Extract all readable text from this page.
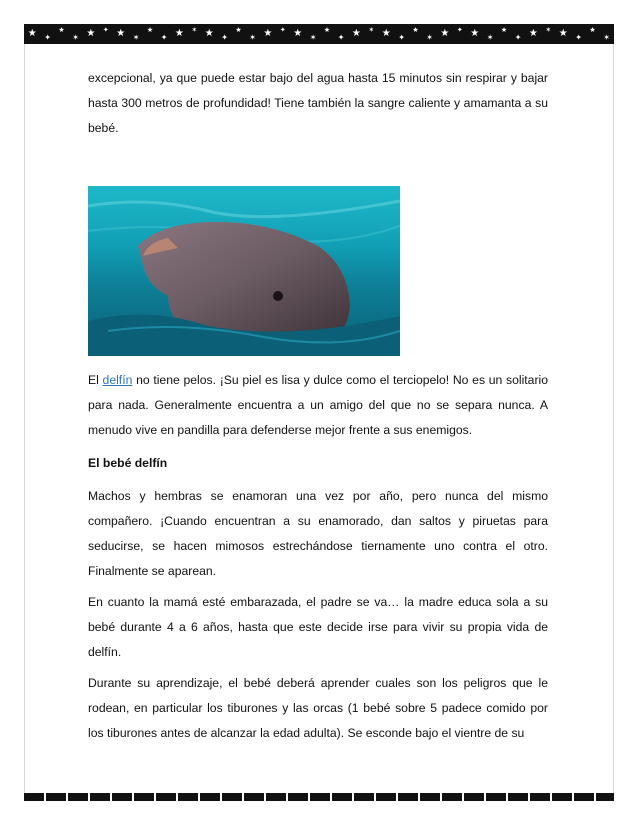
★ ✦
★
✶ ★ ✦ ★ ✶
★
✦ ★ ✶ ★ ✦
★
✶ ★ ✦ ★ ✶
★
✦ ★ ✶ ★ ✦
★
✶ ★ ✦ ★ ✶
★
✦ ★ ✶ ★ ✦
★
✶

excepcional, ya que puede estar bajo del agua hasta 15 minutos sin respirar y bajar hasta 300 metros de profundidad! Tiene también la sangre caliente y amamanta a su bebé.

El delfín no tiene pelos. ¡Su piel es lisa y dulce como el terciopelo! No es un solitario para nada. Generalmente encuentra a un amigo del que no se separa nunca. A menudo vive en pandilla para defenderse mejor frente a sus enemigos.

El bebé delfín

Machos y hembras se enamoran una vez por año, pero nunca del mismo compañero. ¡Cuando encuentran a su enamorado, dan saltos y piruetas para seducirse, se hacen mimosos estrechándose tiernamente uno contra el otro. Finalmente se aparean.

En cuanto la mamá esté embarazada, el padre se va… la madre educa sola a su bebé durante 4 a 6 años, hasta que este decide irse para vivir su propia vida de delfín.

Durante su aprendizaje, el bebé deberá aprender cuales son los peligros que le rodean, en particular los tiburones y las orcas (1 bebé sobre 5 padece comido por los tiburones antes de alcanzar la edad adulta). Se esconde bajo el vientre de su
